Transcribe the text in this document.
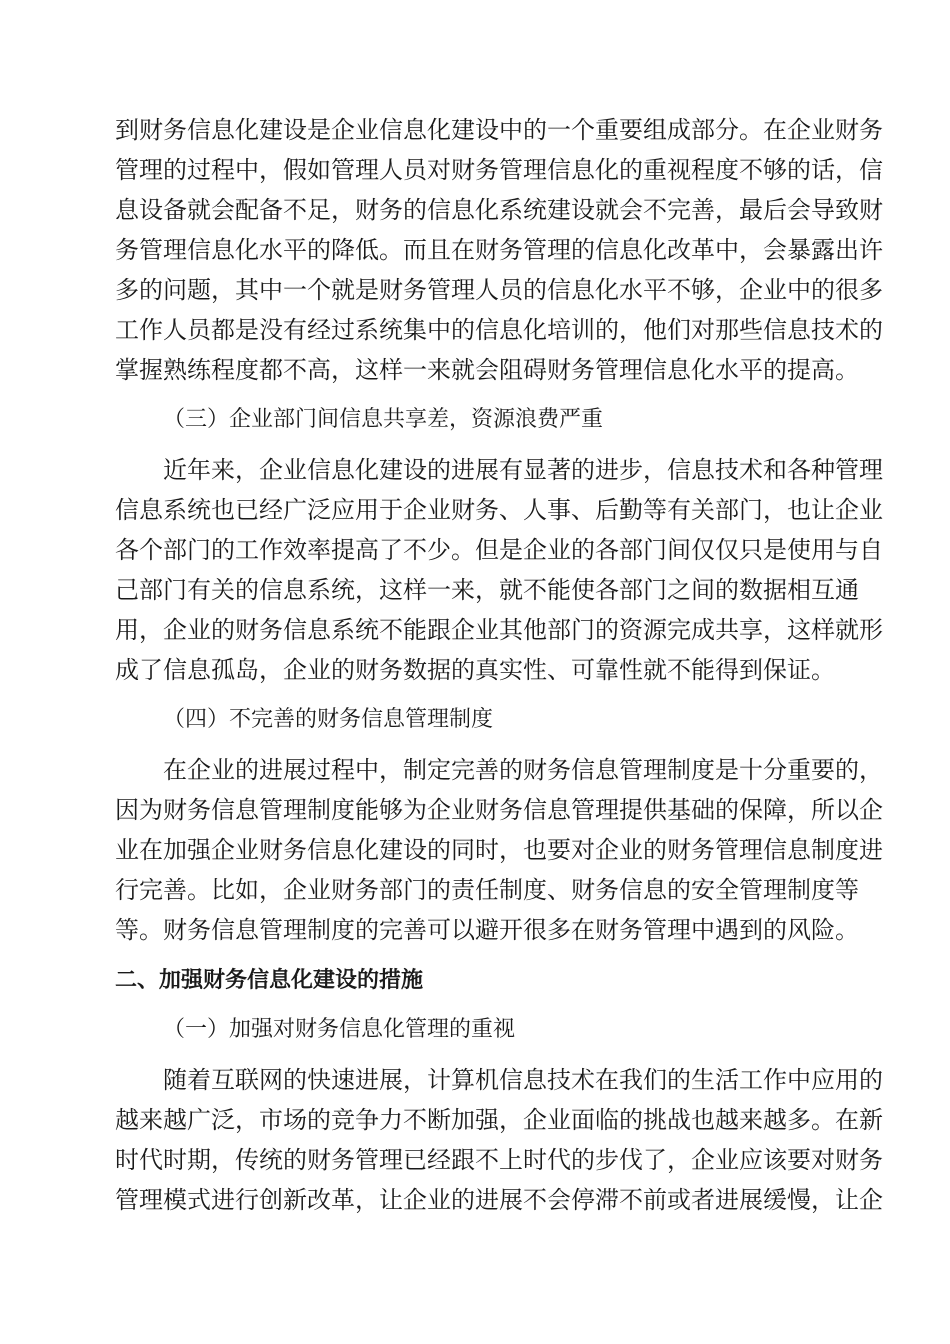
到财务信息化建设是企业信息化建设中的一个重要组成部分。在企业财务
管理的过程中，假如管理人员对财务管理信息化的重视程度不够的话，信
息设备就会配备不足，财务的信息化系统建设就会不完善，最后会导致财
务管理信息化水平的降低。而且在财务管理的信息化改革中，会暴露出许
多的问题，其中一个就是财务管理人员的信息化水平不够，企业中的很多
工作人员都是没有经过系统集中的信息化培训的，他们对那些信息技术的
掌握熟练程度都不高，这样一来就会阻碍财务管理信息化水平的提高。
（三）企业部门间信息共享差，资源浪费严重
近年来，企业信息化建设的进展有显著的进步，信息技术和各种管理
信息系统也已经广泛应用于企业财务、人事、后勤等有关部门，也让企业
各个部门的工作效率提高了不少。但是企业的各部门间仅仅只是使用与自
己部门有关的信息系统，这样一来，就不能使各部门之间的数据相互通
用，企业的财务信息系统不能跟企业其他部门的资源完成共享，这样就形
成了信息孤岛，企业的财务数据的真实性、可靠性就不能得到保证。
（四）不完善的财务信息管理制度
在企业的进展过程中，制定完善的财务信息管理制度是十分重要的，
因为财务信息管理制度能够为企业财务信息管理提供基础的保障，所以企
业在加强企业财务信息化建设的同时，也要对企业的财务管理信息制度进
行完善。比如，企业财务部门的责任制度、财务信息的安全管理制度等
等。财务信息管理制度的完善可以避开很多在财务管理中遇到的风险。
二、加强财务信息化建设的措施
（一）加强对财务信息化管理的重视
随着互联网的快速进展，计算机信息技术在我们的生活工作中应用的
越来越广泛，市场的竞争力不断加强，企业面临的挑战也越来越多。在新
时代时期，传统的财务管理已经跟不上时代的步伐了，企业应该要对财务
管理模式进行创新改革，让企业的进展不会停滞不前或者进展缓慢，让企
